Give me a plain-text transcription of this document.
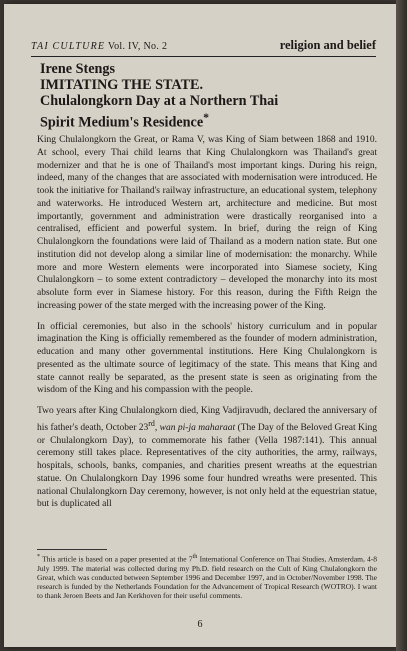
TAI CULTURE Vol. IV, No. 2	religion and belief
Irene Stengs
IMITATING THE STATE.
Chulalongkorn Day at a Northern Thai
Spirit Medium's Residence*

King Chulalongkorn the Great, or Rama V, was King of Siam between 1868 and 1910. At school, every Thai child learns that King Chulalongkorn was Thailand's great modernizer and that he is one of Thailand's most important kings. During his reign, indeed, many of the changes that are associated with modernisation were introduced. He took the initiative for Thailand's railway infrastructure, an educational system, telephony and waterworks. He introduced Western art, architecture and medicine. But most importantly, government and administration were drastically reorganised into a centralised, efficient and powerful system. In brief, during the reign of King Chulalongkorn the foundations were laid of Thailand as a modern nation state. But one institution did not develop along a similar line of modernisation: the monarchy. While more and more Western elements were incorporated into Siamese society, King Chulalongkorn – to some extent contradictory – developed the monarchy into its most absolute form ever in Siamese history. For this reason, during the Fifth Reign the increasing power of the state merged with the increasing power of the King.

In official ceremonies, but also in the schools' history curriculum and in popular imagination the King is officially remembered as the founder of modern administration, education and many other governmental institutions. Here King Chulalongkorn is presented as the ultimate source of legitimacy of the state. This means that King and state cannot really be separated, as the present state is seen as originating from the wisdom of the King and his compassion with the people.

Two years after King Chulalongkorn died, King Vadjiravudh, declared the anniversary of his father's death, October 23rd, wan pi-ja maharaat (The Day of the Beloved Great King or Chulalongkorn Day), to commemorate his father (Vella 1987:141). This annual ceremony still takes place. Representatives of the city authorities, the army, railways, hospitals, schools, banks, companies, and charities present wreaths at the equestrian statue. On Chulalongkorn Day 1996 some four hundred wreaths were presented. This national Chulalongkorn Day ceremony, however, is not only held at the equestrian statue, but is duplicated all

* This article is based on a paper presented at the 7th International Conference on Thai Studies, Amsterdam, 4-8 July 1999. The material was collected during my Ph.D. field research on the Cult of King Chulalongkorn the Great, which was conducted between September 1996 and December 1997, and in October/November 1998. The research is funded by the Netherlands Foundation for the Advancement of Tropical Research (WOTRO). I want to thank Jeroen Beets and Jan Kerkhoven for their useful comments.
6
